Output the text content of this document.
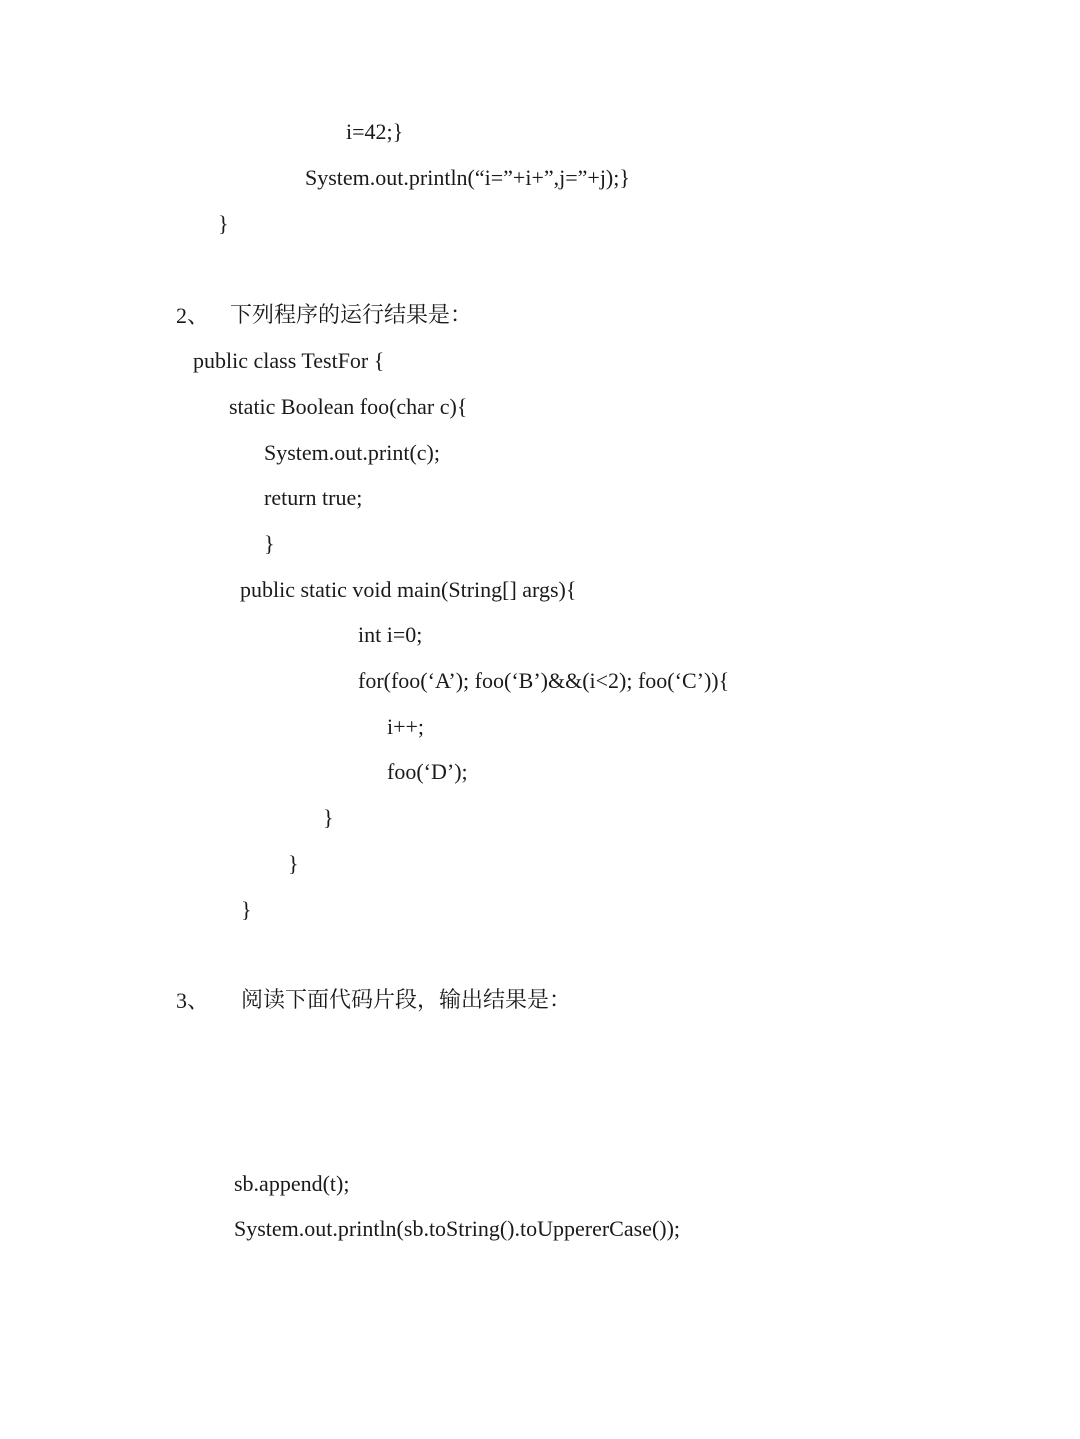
i=42;}
System.out.println(“i=”+i+”,j=”+j);}
}
2、 下列程序的运行结果是：
public class TestFor {
static Boolean foo(char c){
System.out.print(c);
return true;
}
public static void main(String[] args){
int i=0;
for(foo(‘A’); foo(‘B’)&&(i<2); foo(‘C’)){
i++;
foo(‘D’);
}
}
}
3、 阅读下面代码片段，输出结果是：
sb.append(t);
System.out.println(sb.toString().toUppererCase());
